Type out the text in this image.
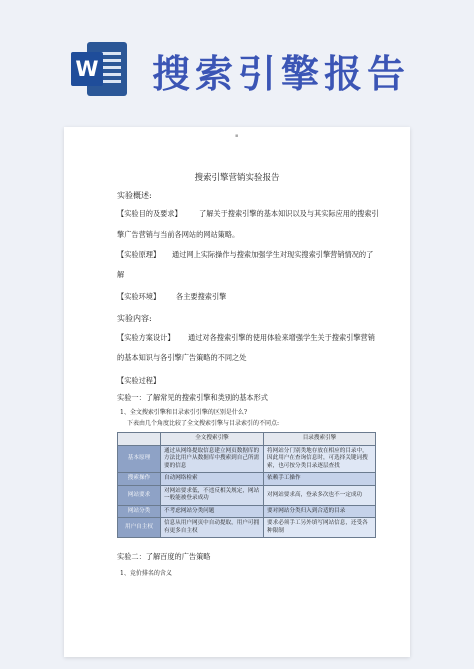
W 搜索引擎报告
▪
搜索引擎营销实验报告
实验概述:
【实验目的及要求】 了解关于搜索引擎的基本知识以及与其实际应用的搜索引
擎广告营销与当前各网站的网站策略。
【实验原理】 通过网上实际操作与搜索加强学生对现实搜索引擎营销情况的了
解
【实验环境】 各主要搜索引擎
实验内容:
【实验方案设计】 通过对各搜索引擎的使用体验来增强学生关于搜索引擎营销
的基本知识与各引擎广告策略的不同之处
【实验过程】
实验一：了解常见的搜索引擎和类别的基本形式
1、全文搜索引擎和目录索引引擎的区别是什么?
下表由几个角度比较了全文搜索引擎与目录索引的不同点:
	全文搜索引擎	目录搜索引擎
基本原理	通过从网络提取信息建立网页数据库的方法比用户从数据库中搜索到自己所需要的信息	将网站分门别类地存放在相应的目录中，因此用户在查询信息时，可选择关键词搜索，也可按分类目录逐层查找
搜索操作	自动网络检索	依赖手工操作
网站要求	对网站要求低，不违反相关规定，网站一般能被登录成功	对网站要求高，登录多次也不一定成功
网站分类	不考虑网站分类问题	要对网站分类归入到合适的目录
用户自主权	信息从用户网页中自动提取，用户可拥有更多自主权	要求必须手工另外填写网站信息，还受各种限制
实验二：了解百度的广告策略
1、竞价排名的含义
